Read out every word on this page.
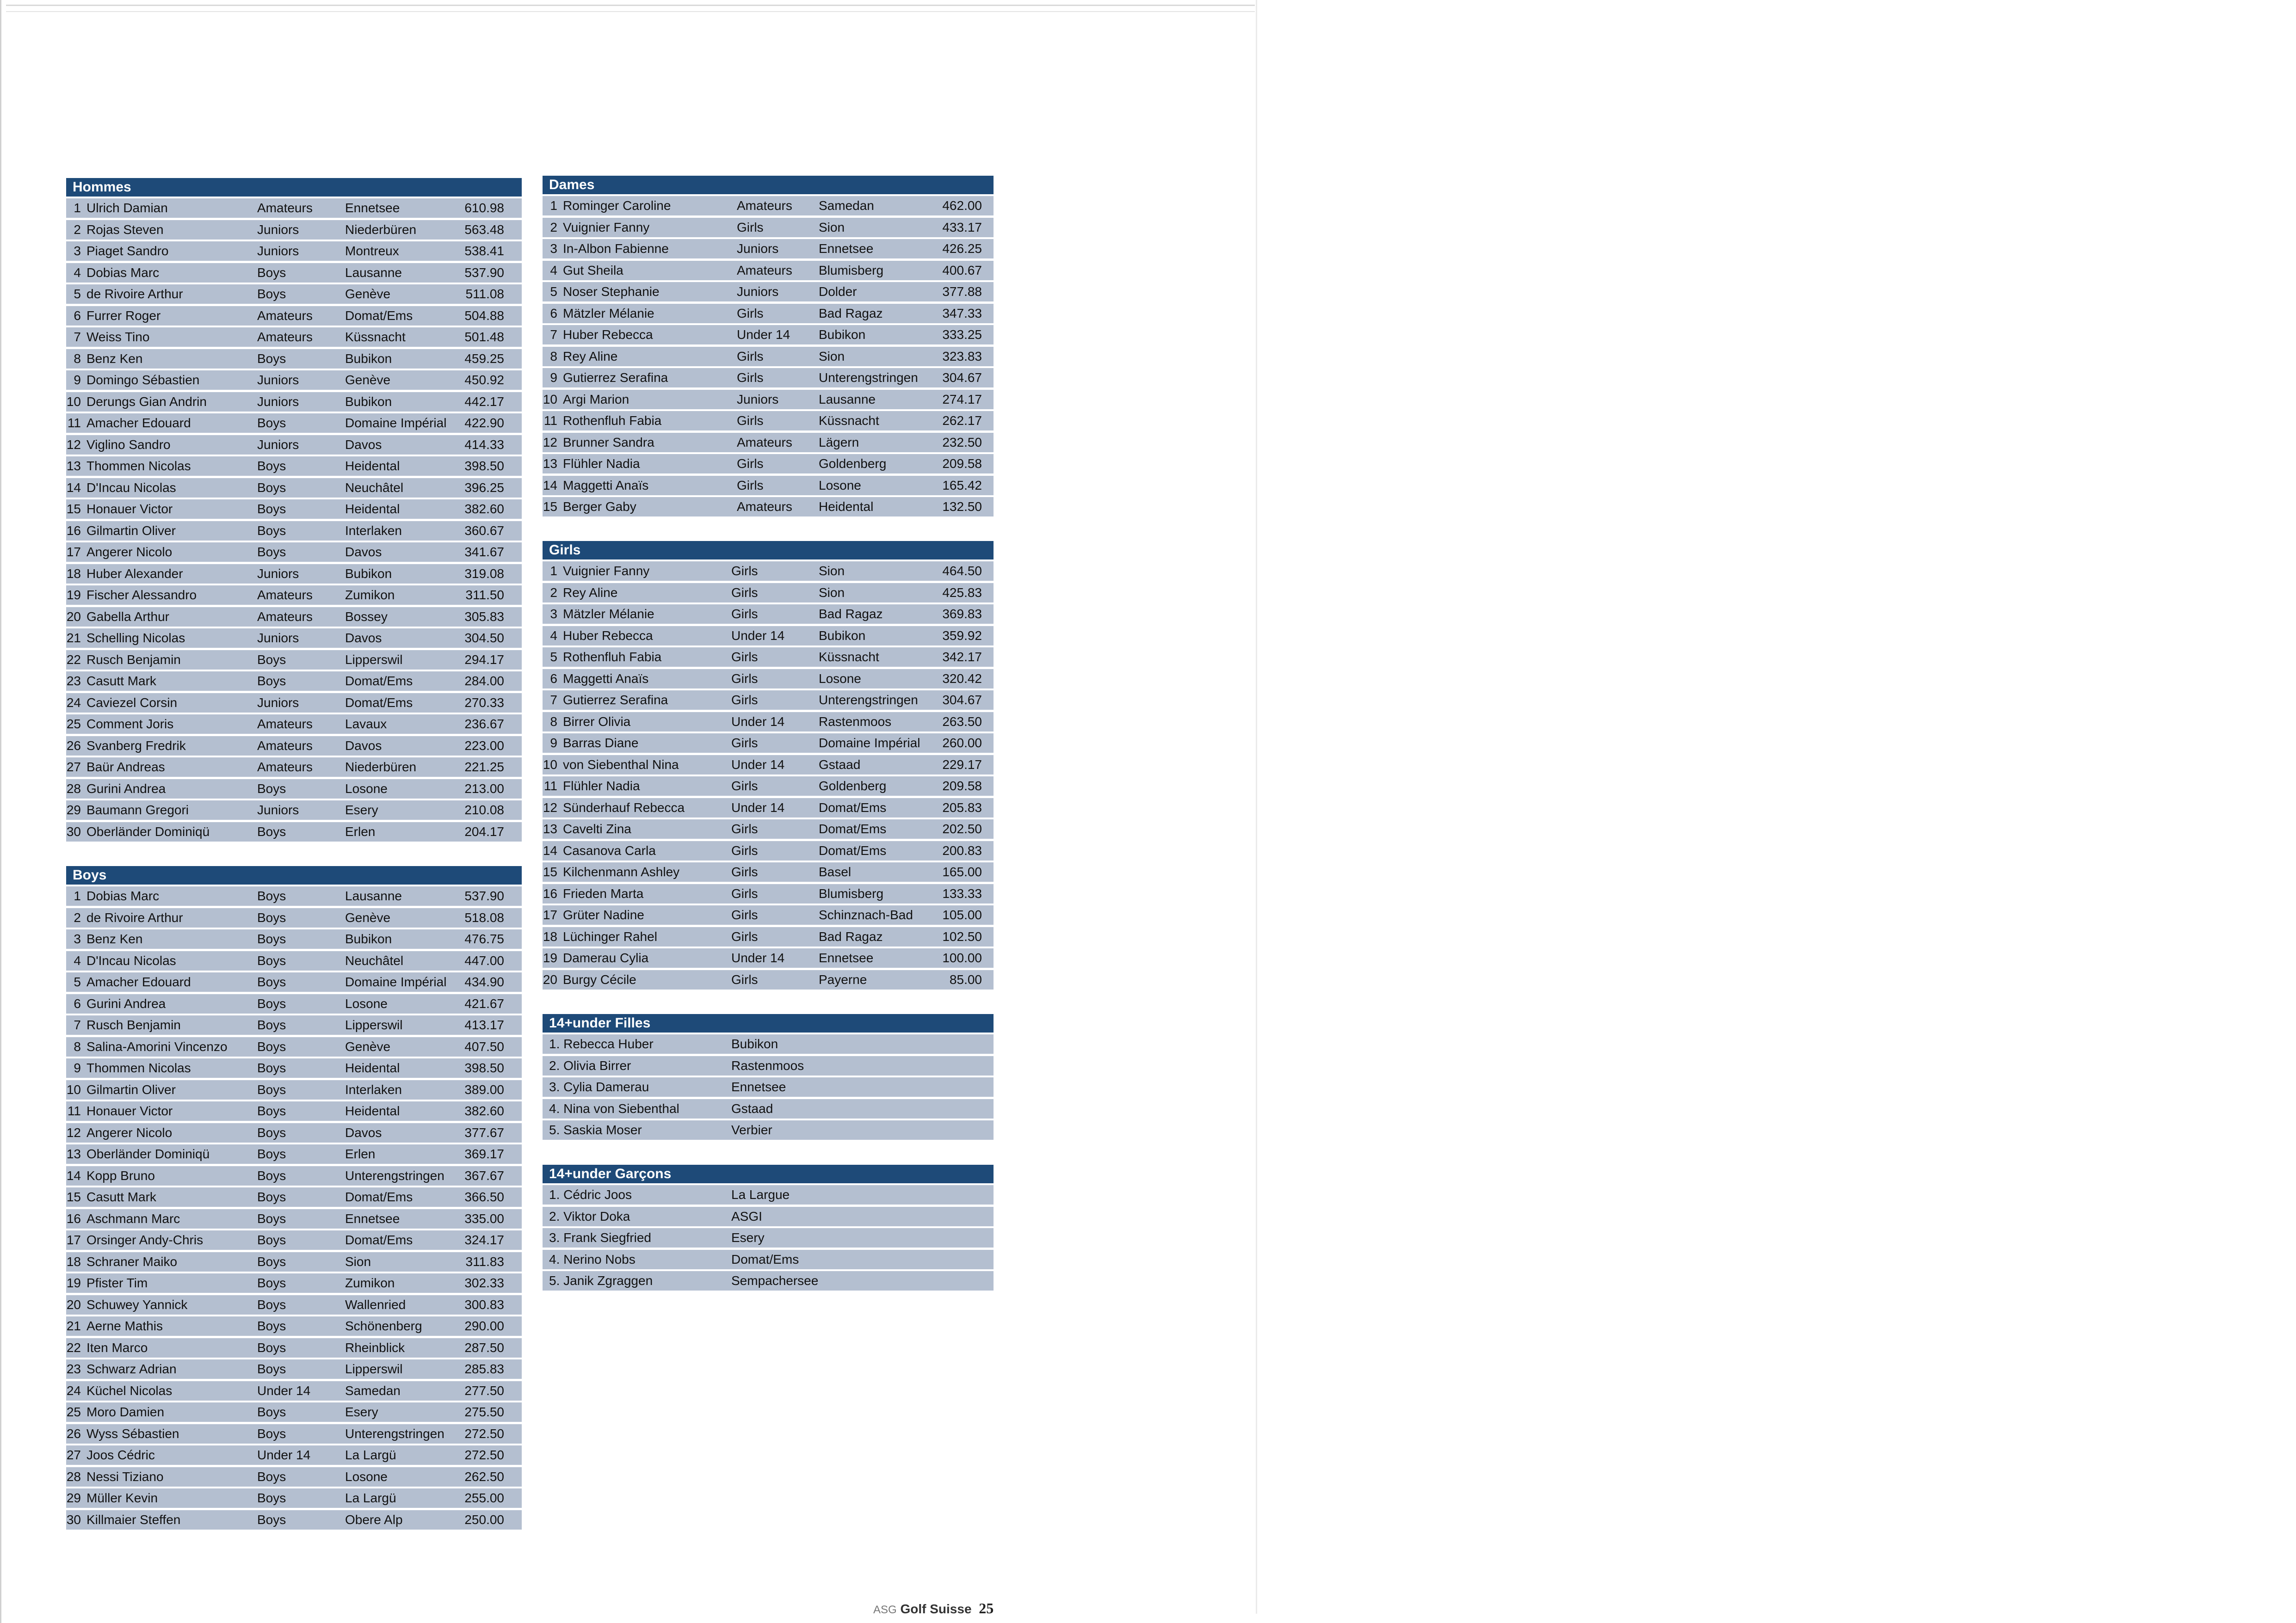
Hommes
1 Ulrich Damian	Amateurs	Ennetsee	610.98
2 Rojas Steven	Juniors	Niederbüren	563.48
3 Piaget Sandro	Juniors	Montreux	538.41
4 Dobias Marc	Boys	Lausanne	537.90
5 de Rivoire Arthur	Boys	Genève	511.08
6 Furrer Roger	Amateurs	Domat/Ems	504.88
7 Weiss Tino	Amateurs	Küssnacht	501.48
8 Benz Ken	Boys	Bubikon	459.25
9 Domingo Sébastien	Juniors	Genève	450.92
10 Derungs Gian Andrin	Juniors	Bubikon	442.17
11 Amacher Edouard	Boys	Domaine Impérial	422.90
12 Viglino Sandro	Juniors	Davos	414.33
13 Thommen Nicolas	Boys	Heidental	398.50
14 D'Incau Nicolas	Boys	Neuchâtel	396.25
15 Honauer Victor	Boys	Heidental	382.60
16 Gilmartin Oliver	Boys	Interlaken	360.67
17 Angerer Nicolo	Boys	Davos	341.67
18 Huber Alexander	Juniors	Bubikon	319.08
19 Fischer Alessandro	Amateurs	Zumikon	311.50
20 Gabella Arthur	Amateurs	Bossey	305.83
21 Schelling Nicolas	Juniors	Davos	304.50
22 Rusch Benjamin	Boys	Lipperswil	294.17
23 Casutt Mark	Boys	Domat/Ems	284.00
24 Caviezel Corsin	Juniors	Domat/Ems	270.33
25 Comment Joris	Amateurs	Lavaux	236.67
26 Svanberg Fredrik	Amateurs	Davos	223.00
27 Baür Andreas	Amateurs	Niederbüren	221.25
28 Gurini Andrea	Boys	Losone	213.00
29 Baumann Gregori	Juniors	Esery	210.08
30 Oberländer Dominiqü	Boys	Erlen	204.17
Boys
1 Dobias Marc	Boys	Lausanne	537.90
2 de Rivoire Arthur	Boys	Genève	518.08
3 Benz Ken	Boys	Bubikon	476.75
4 D'Incau Nicolas	Boys	Neuchâtel	447.00
5 Amacher Edouard	Boys	Domaine Impérial	434.90
6 Gurini Andrea	Boys	Losone	421.67
7 Rusch Benjamin	Boys	Lipperswil	413.17
8 Salina-Amorini Vincenzo	Boys	Genève	407.50
9 Thommen Nicolas	Boys	Heidental	398.50
10 Gilmartin Oliver	Boys	Interlaken	389.00
11 Honauer Victor	Boys	Heidental	382.60
12 Angerer Nicolo	Boys	Davos	377.67
13 Oberländer Dominiqü	Boys	Erlen	369.17
14 Kopp Bruno	Boys	Unterengstringen	367.67
15 Casutt Mark	Boys	Domat/Ems	366.50
16 Aschmann Marc	Boys	Ennetsee	335.00
17 Orsinger Andy-Chris	Boys	Domat/Ems	324.17
18 Schraner Maiko	Boys	Sion	311.83
19 Pfister Tim	Boys	Zumikon	302.33
20 Schuwey Yannick	Boys	Wallenried	300.83
21 Aerne Mathis	Boys	Schönenberg	290.00
22 Iten Marco	Boys	Rheinblick	287.50
23 Schwarz Adrian	Boys	Lipperswil	285.83
24 Küchel Nicolas	Under 14	Samedan	277.50
25 Moro Damien	Boys	Esery	275.50
26 Wyss Sébastien	Boys	Unterengstringen	272.50
27 Joos Cédric	Under 14	La Largü	272.50
28 Nessi Tiziano	Boys	Losone	262.50
29 Müller Kevin	Boys	La Largü	255.00
30 Killmaier Steffen	Boys	Obere Alp	250.00
Dames
1 Rominger Caroline	Amateurs	Samedan	462.00
2 Vuignier Fanny	Girls	Sion	433.17
3 In-Albon Fabienne	Juniors	Ennetsee	426.25
4 Gut Sheila	Amateurs	Blumisberg	400.67
5 Noser Stephanie	Juniors	Dolder	377.88
6 Mätzler Mélanie	Girls	Bad Ragaz	347.33
7 Huber Rebecca	Under 14	Bubikon	333.25
8 Rey Aline	Girls	Sion	323.83
9 Gutierrez Serafina	Girls	Unterengstringen	304.67
10 Argi Marion	Juniors	Lausanne	274.17
11 Rothenfluh Fabia	Girls	Küssnacht	262.17
12 Brunner Sandra	Amateurs	Lägern	232.50
13 Flühler Nadia	Girls	Goldenberg	209.58
14 Maggetti Anaïs	Girls	Losone	165.42
15 Berger Gaby	Amateurs	Heidental	132.50
Girls
1 Vuignier Fanny	Girls	Sion	464.50
2 Rey Aline	Girls	Sion	425.83
3 Mätzler Mélanie	Girls	Bad Ragaz	369.83
4 Huber Rebecca	Under 14	Bubikon	359.92
5 Rothenfluh Fabia	Girls	Küssnacht	342.17
6 Maggetti Anaïs	Girls	Losone	320.42
7 Gutierrez Serafina	Girls	Unterengstringen	304.67
8 Birrer Olivia	Under 14	Rastenmoos	263.50
9 Barras Diane	Girls	Domaine Impérial	260.00
10 von Siebenthal Nina	Under 14	Gstaad	229.17
11 Flühler Nadia	Girls	Goldenberg	209.58
12 Sünderhauf Rebecca	Under 14	Domat/Ems	205.83
13 Cavelti Zina	Girls	Domat/Ems	202.50
14 Casanova Carla	Girls	Domat/Ems	200.83
15 Kilchenmann Ashley	Girls	Basel	165.00
16 Frieden Marta	Girls	Blumisberg	133.33
17 Grüter Nadine	Girls	Schinznach-Bad	105.00
18 Lüchinger Rahel	Girls	Bad Ragaz	102.50
19 Damerau Cylia	Under 14	Ennetsee	100.00
20 Burgy Cécile	Girls	Payerne	85.00
14+under Filles
1. Rebecca Huber	Bubikon
2. Olivia Birrer	Rastenmoos
3. Cylia Damerau	Ennetsee
4. Nina von Siebenthal	Gstaad
5. Saskia Moser	Verbier
14+under Garçons
1. Cédric Joos	La Largue
2. Viktor Doka	ASGI
3. Frank Siegfried	Esery
4. Nerino Nobs	Domat/Ems
5. Janik Zgraggen	Sempachersee
ASG Golf Suisse 25
